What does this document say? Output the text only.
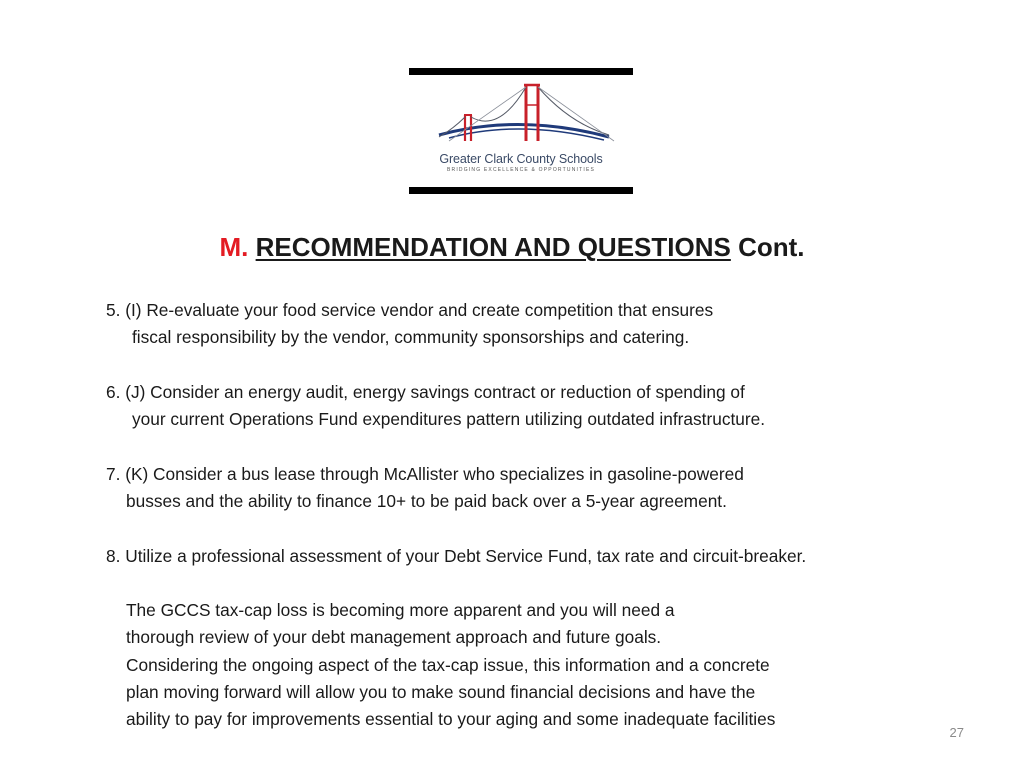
Greater Clark County Schools
BRIDGING EXCELLENCE & OPPORTUNITIES
M. RECOMMENDATION AND QUESTIONS Cont.
5. (I) Re-evaluate your food service vendor and create competition that ensures
fiscal responsibility by the vendor, community sponsorships and catering.
6. (J) Consider an energy audit, energy savings contract or reduction of spending of
your current Operations Fund expenditures pattern utilizing outdated infrastructure.
7. (K) Consider a bus lease through McAllister who specializes in gasoline-powered
busses and the ability to finance 10+ to be paid back over a 5-year agreement.
8. Utilize a professional assessment of your Debt Service Fund, tax rate and circuit-breaker.
The GCCS tax-cap loss is becoming more apparent and you will need a
thorough review of your debt management approach and future goals.
Considering the ongoing aspect of the tax-cap issue, this information and a concrete
plan moving forward will allow you to make sound financial decisions and have the
ability to pay for improvements essential to your aging and some inadequate facilities
27
